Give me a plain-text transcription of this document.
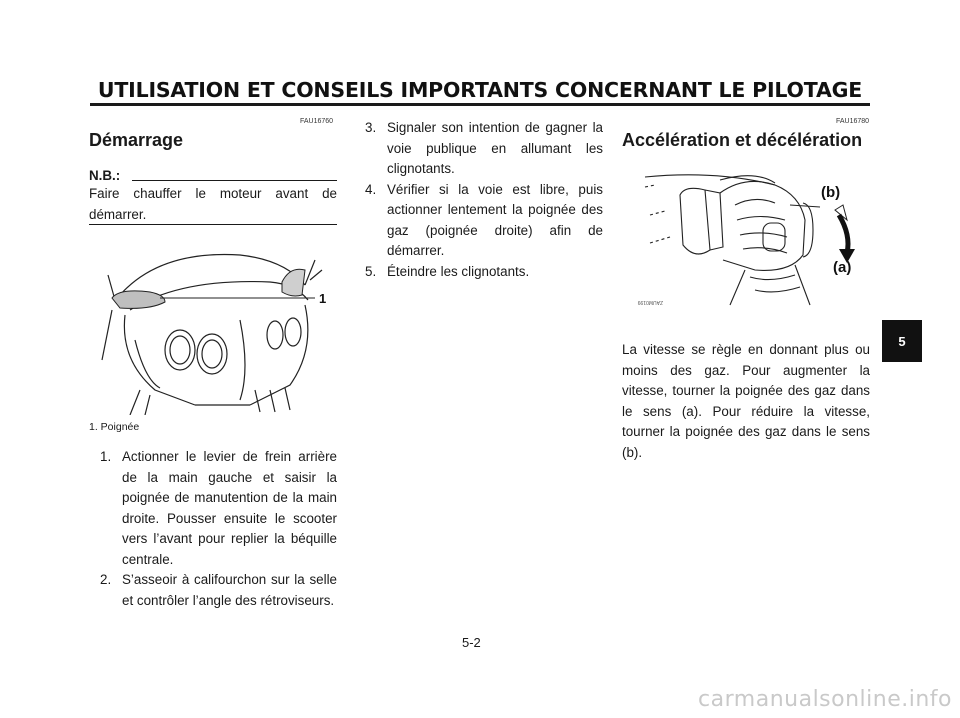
UTILISATION ET CONSEILS IMPORTANTS CONCERNANT LE PILOTAGE
FAU16760
Démarrage
N.B.:
Faire chauffer le moteur avant de démarrer.
1
1. Poignée
1. Actionner le levier de frein arrière de la main gauche et saisir la poignée de manutention de la main droite. Pousser ensuite le scooter vers l’avant pour replier la béquille centrale.
2. S’asseoir à califourchon sur la selle et contrôler l’angle des rétroviseurs.
3. Signaler son intention de gagner la voie publique en allumant les clignotants.
4. Vérifier si la voie est libre, puis actionner lentement la poignée des gaz (poignée droite) afin de démarrer.
5. Éteindre les clignotants.
FAU16780
Accélération et décélération
(b)
(a)
ZAUM0199
La vitesse se règle en donnant plus ou moins des gaz. Pour augmenter la vitesse, tourner la poignée des gaz dans le sens (a). Pour réduire la vitesse, tourner la poignée des gaz dans le sens (b).
5
5-2
carmanualsonline.info
